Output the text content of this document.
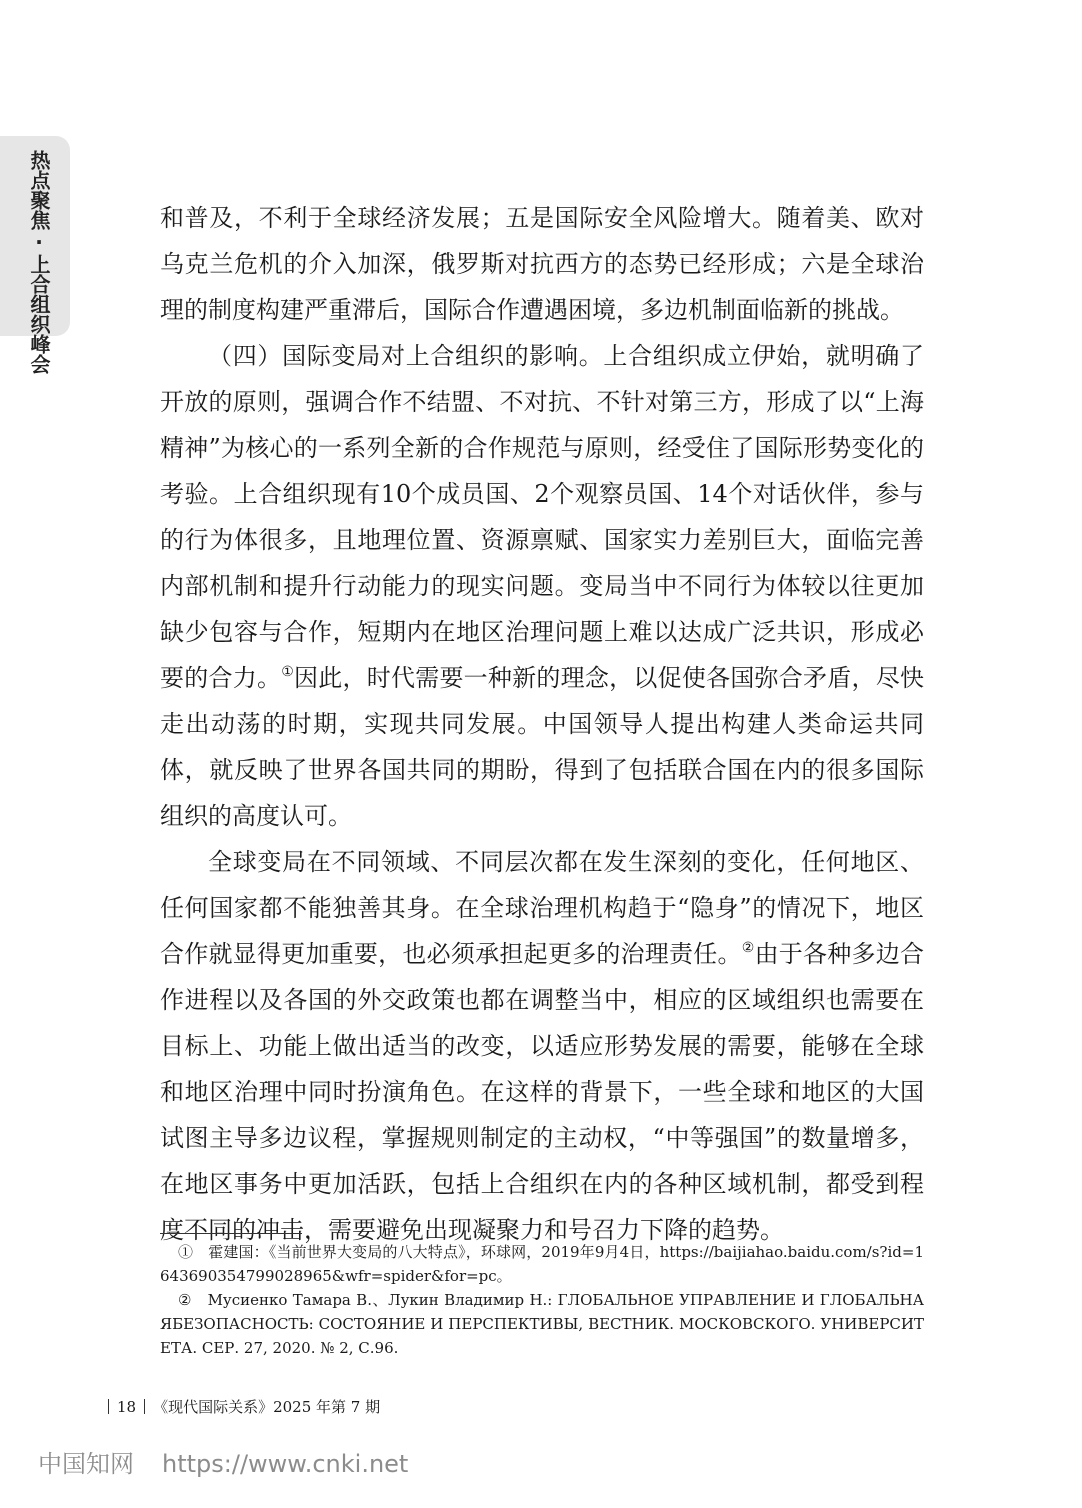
热点聚焦·上合组织峰会	和普及，不利于全球经济发展；五是国际安全风险增大。随着美、欧对乌克兰危机的介入加深，俄罗斯对抗西方的态势已经形成；六是全球治理的制度构建严重滞后，国际合作遭遇困境，多边机制面临新的挑战。

（四）国际变局对上合组织的影响。上合组织成立伊始，就明确了开放的原则，强调合作不结盟、不对抗、不针对第三方，形成了以“上海精神”为核心的一系列全新的合作规范与原则，经受住了国际形势变化的考验。上合组织现有10个成员国、2个观察员国、14个对话伙伴，参与的行为体很多，且地理位置、资源禀赋、国家实力差别巨大，面临完善内部机制和提升行动能力的现实问题。变局当中不同行为体较以往更加缺少包容与合作，短期内在地区治理问题上难以达成广泛共识，形成必要的合力。①因此，时代需要一种新的理念，以促使各国弥合矛盾，尽快走出动荡的时期，实现共同发展。中国领导人提出构建人类命运共同体，就反映了世界各国共同的期盼，得到了包括联合国在内的很多国际组织的高度认可。

全球变局在不同领域、不同层次都在发生深刻的变化，任何地区、任何国家都不能独善其身。在全球治理机构趋于“隐身”的情况下，地区合作就显得更加重要，也必须承担起更多的治理责任。②由于各种多边合作进程以及各国的外交政策也都在调整当中，相应的区域组织也需要在目标上、功能上做出适当的改变，以适应形势发展的需要，能够在全球和地区治理中同时扮演角色。在这样的背景下，一些全球和地区的大国试图主导多边议程，掌握规则制定的主动权，“中等强国”的数量增多，在地区事务中更加活跃，包括上合组织在内的各种区域机制，都受到程度不同的冲击，需要避免出现凝聚力和号召力下降的趋势。

①　霍建国：《当前世界大变局的八大特点》，环球网，2019年9月4日，https://baijiahao.baidu.com/s?id=1643690354799028965&wfr=spider&for=pc。

②　Мусиенко Тамара В.、Лукин Владимир Н.: ГЛОБАЛЬНОЕ УПРАВЛЕНИЕ И ГЛОБАЛЬНАЯБЕЗОПАСНОСТЬ: СОСТОЯНИЕ И ПЕРСПЕКТИВЫ, ВЕСТНИК. МОСКОВСКОГО. УНИВЕРСИТЕТА. СЕР. 27, 2020. № 2, С.96.

18 《现代国际关系》2025 年第 7 期
中国知网 https://www.cnki.net
